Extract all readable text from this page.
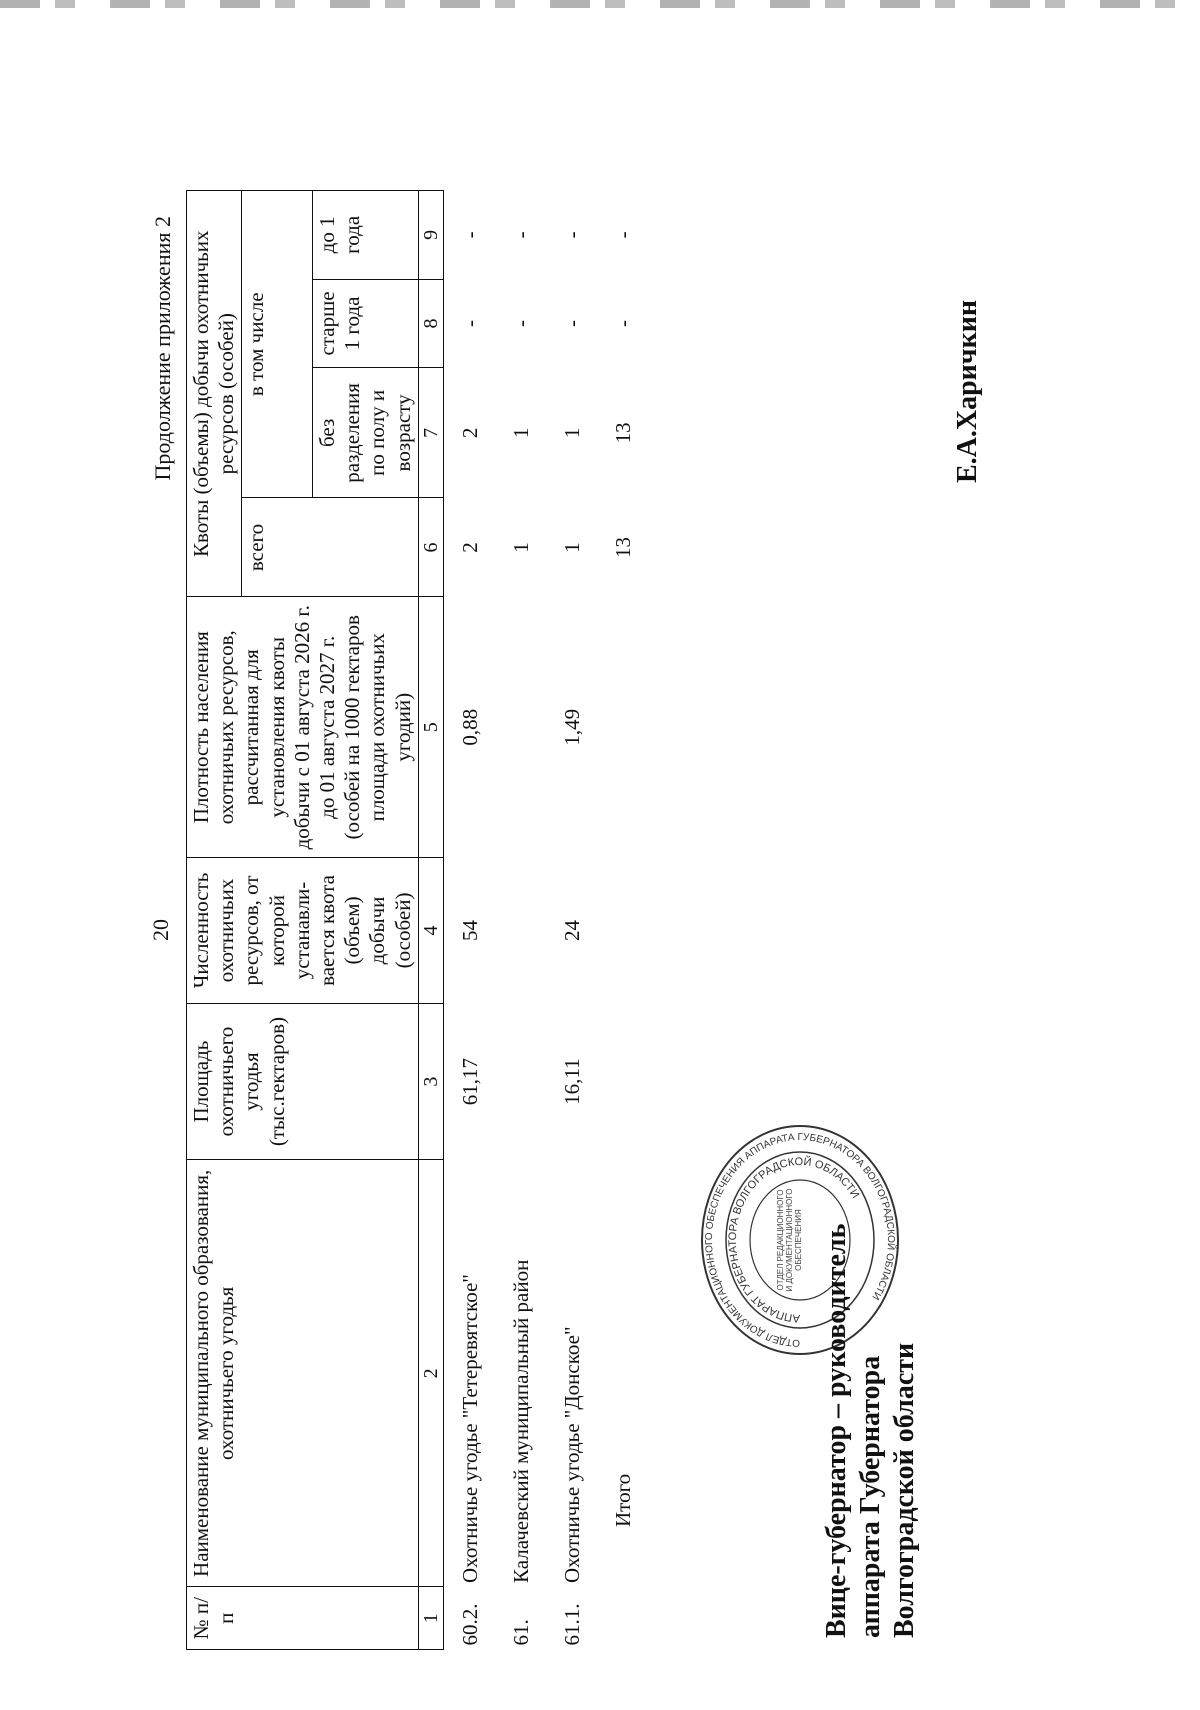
20
Продолжение приложения 2
№ п/п	Наименование муниципального образования, охотничьего угодья	Площадь охотничьего угодья (тыс.гектаров)	Численность охотничьих ресурсов, от которой устанавли-вается квота (объем) добычи (особей)	Плотность населения охотничьих ресурсов, рассчитанная для установления квоты добычи с 01 августа 2026 г. до 01 августа 2027 г. (особей на 1000 гектаров площади охотничьих угодий)	Квоты (объемы) добычи охотничьих ресурсов (особей)			
					всего	в том числе		
						без разделения по полу и возрасту	старше 1 года	до 1 года
1	2	3	4	5	6	7	8	9
60.2.	Охотничье угодье "Тетеревятское"	61,17	54	0,88	2	2	-	-
61.	Калачевский муниципальный район				1	1	-	-
61.1.	Охотничье угодье "Донское"	16,11	24	1,49	1	1	-	-
	Итого				13	13	-	-
ОТДЕЛ ДОКУМЕНТАЦИОННОГО ОБЕСПЕЧЕНИЯ АППАРАТА ГУБЕРНАТОРА ВОЛГОГРАДСКОЙ ОБЛАСТИ
АППАРАТ ГУБЕРНАТОРА ВОЛГОГРАДСКОЙ ОБЛАСТИ
ОТДЕЛ РЕДАКЦИОННОГО И ДОКУМЕНТАЦИОННОГО ОБЕСПЕЧЕНИЯ Вице-губернатор – руководитель аппарата Губернатора Волгоградской области
Е.А.Харичкин
